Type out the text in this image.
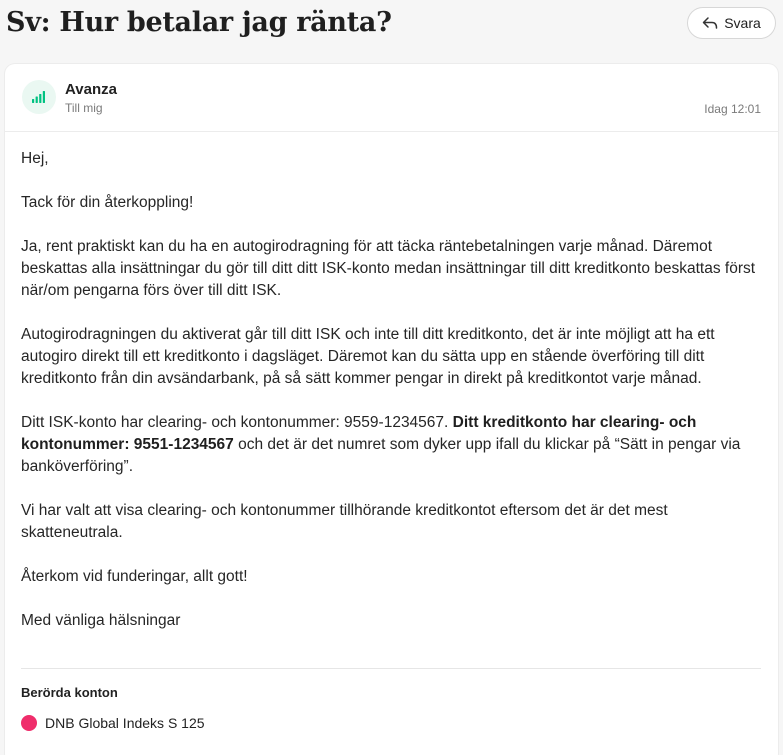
Sv: Hur betalar jag ränta?	Svara
Avanza
Till mig	Idag 12:01

Hej,

Tack för din återkoppling!

Ja, rent praktiskt kan du ha en autogirodragning för att täcka räntebetalningen varje månad. Däremot beskattas alla insättningar du gör till ditt ditt ISK-konto medan insättningar till ditt kreditkonto beskattas först när/om pengarna förs över till ditt ISK.

Autogirodragningen du aktiverat går till ditt ISK och inte till ditt kreditkonto, det är inte möjligt att ha ett autogiro direkt till ett kreditkonto i dagsläget. Däremot kan du sätta upp en stående överföring till ditt kreditkonto från din avsändarbank, på så sätt kommer pengar in direkt på kreditkontot varje månad.

Ditt ISK-konto har clearing- och kontonummer: 9559-1234567. Ditt kreditkonto har clearing- och kontonummer: 9551-1234567 och det är det numret som dyker upp ifall du klickar på “Sätt in pengar via banköverföring”.

Vi har valt att visa clearing- och kontonummer tillhörande kreditkontot eftersom det är det mest skatteneutrala.

Återkom vid funderingar, allt gott!

Med vänliga hälsningar

Berörda konton
DNB Global Indeks S 125
